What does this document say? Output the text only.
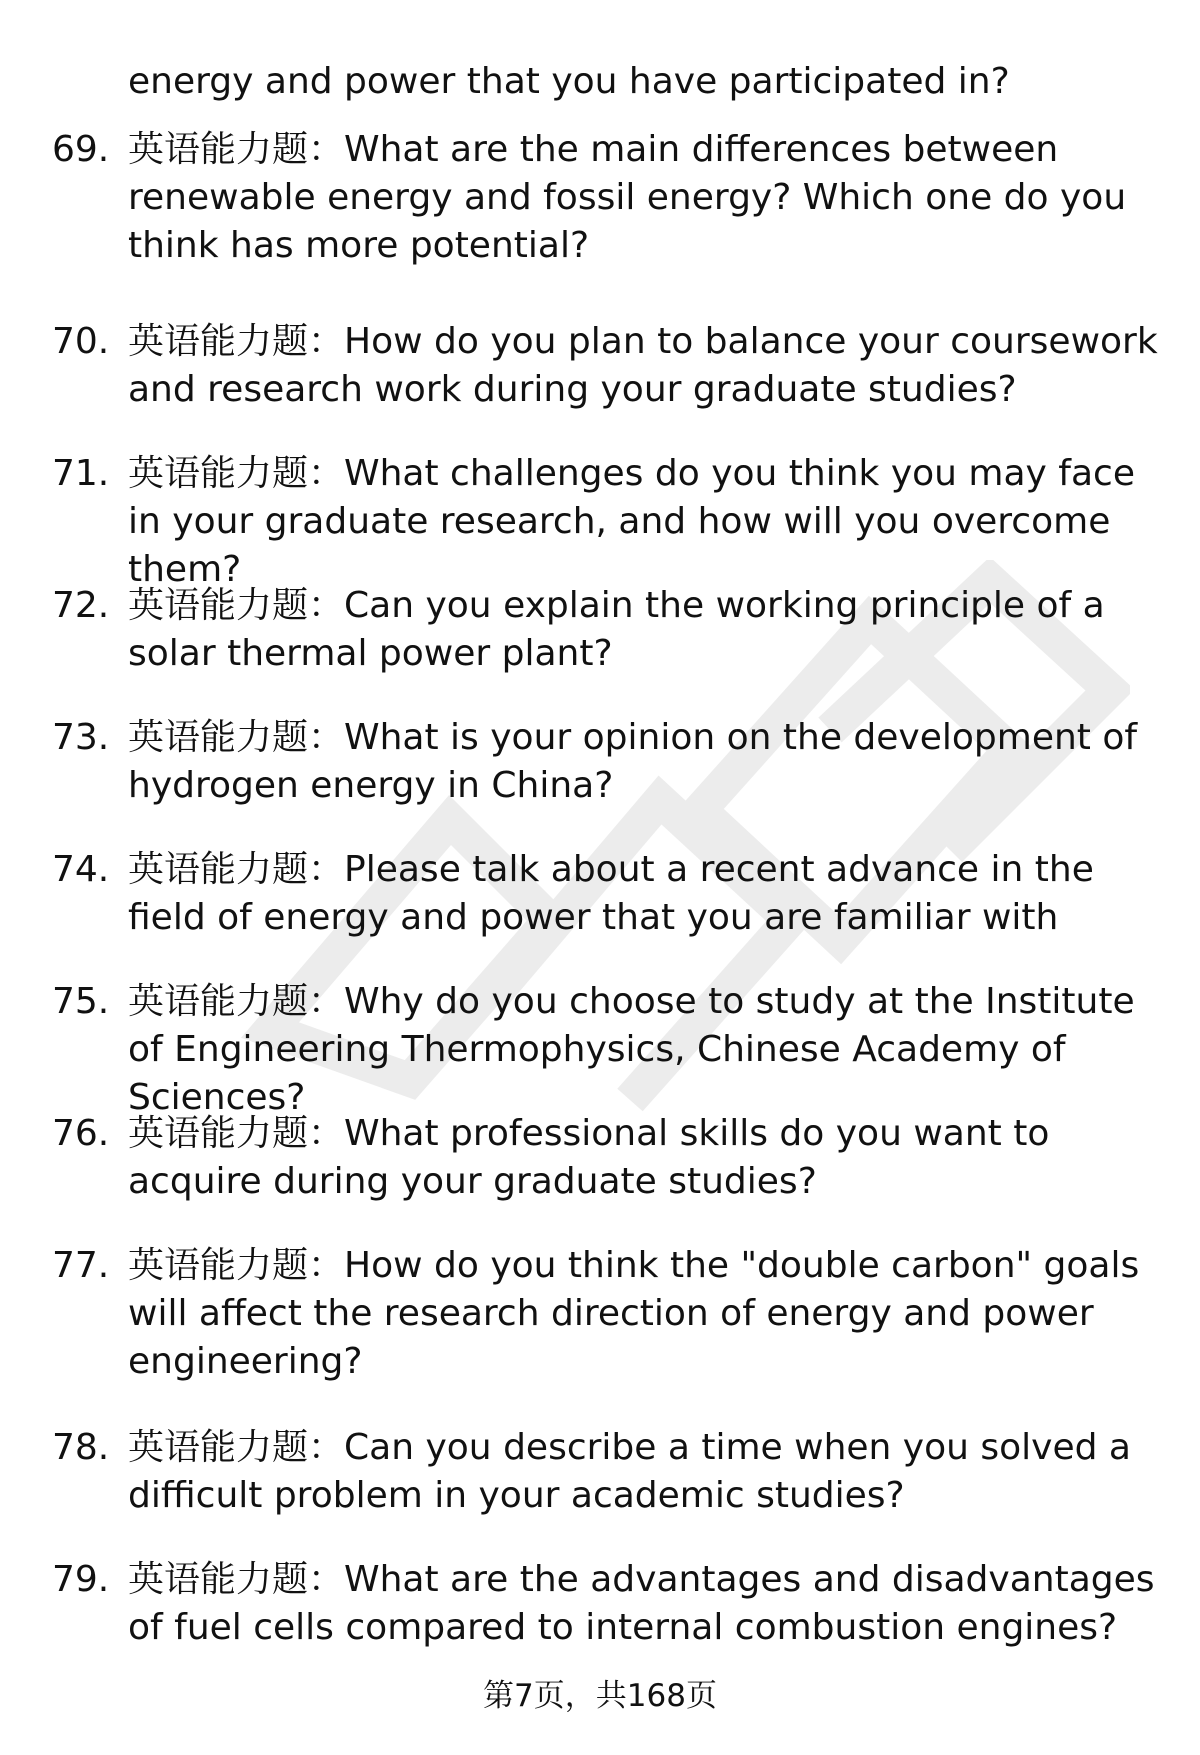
energy and power that you have participated in?

69. 英语能力题：What are the main differences between renewable energy and fossil energy? Which one do you think has more potential?

70. 英语能力题：How do you plan to balance your coursework and research work during your graduate studies?

71. 英语能力题：What challenges do you think you may face in your graduate research, and how will you overcome them?

72. 英语能力题：Can you explain the working principle of a solar thermal power plant?

73. 英语能力题：What is your opinion on the development of hydrogen energy in China?

74. 英语能力题：Please talk about a recent advance in the field of energy and power that you are familiar with

75. 英语能力题：Why do you choose to study at the Institute of Engineering Thermophysics, Chinese Academy of Sciences?

76. 英语能力题：What professional skills do you want to acquire during your graduate studies?

77. 英语能力题：How do you think the "double carbon" goals will affect the research direction of energy and power engineering?

78. 英语能力题：Can you describe a time when you solved a difficult problem in your academic studies?

79. 英语能力题：What are the advantages and disadvantages of fuel cells compared to internal combustion engines?

第7页，共168页
